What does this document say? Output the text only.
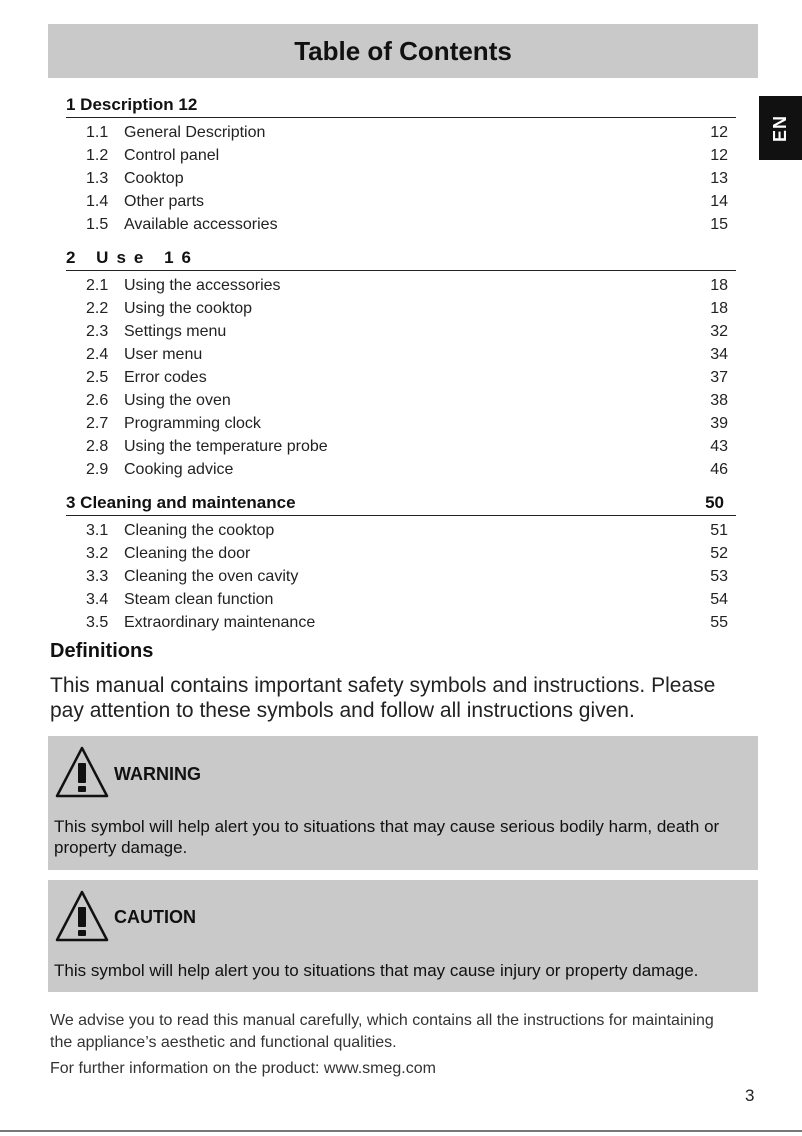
Table of Contents
EN
1 Description 12
1.1 General Description	12
1.2 Control panel	12
1.3 Cooktop	13
1.4 Other parts	14
1.5 Available accessories	15
2 Use 16
2.1 Using the accessories	18
2.2 Using the cooktop	18
2.3 Settings menu	32
2.4 User menu	34
2.5 Error codes	37
2.6 Using the oven	38
2.7 Programming clock	39
2.8 Using the temperature probe	43
2.9 Cooking advice	46
3 Cleaning and maintenance	50
3.1 Cleaning the cooktop	51
3.2 Cleaning the door	52
3.3 Cleaning the oven cavity	53
3.4 Steam clean function	54
3.5 Extraordinary maintenance	55
Definitions

This manual contains important safety symbols and instructions. Please pay attention to these symbols and follow all instructions given.

WARNING

This symbol will help alert you to situations that may cause serious bodily harm, death or property damage.

CAUTION

This symbol will help alert you to situations that may cause injury or property damage.

We advise you to read this manual carefully, which contains all the instructions for maintaining the appliance’s aesthetic and functional qualities.

For further information on the product: www.smeg.com

3
